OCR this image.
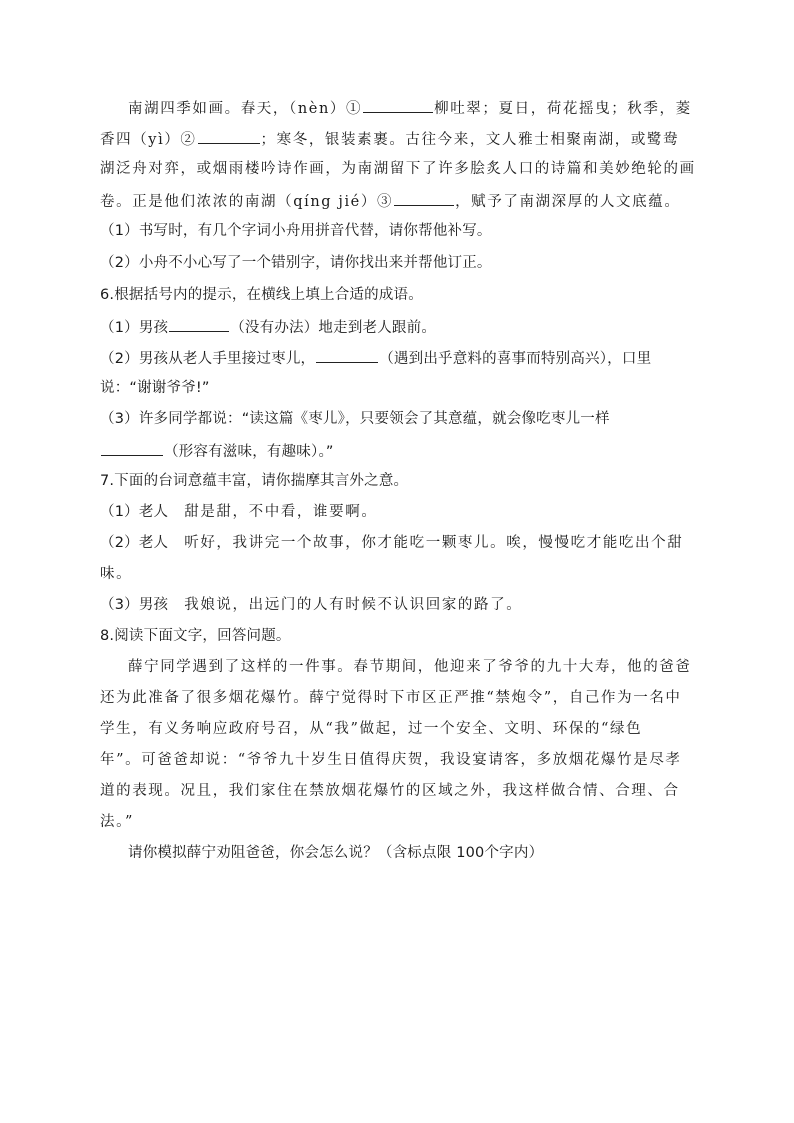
南湖四季如画。春天，（nèn）①	柳吐翠；夏日，荷花摇曳；秋季，菱
香四（yì）②	；寒冬，银装素裹。古往今来，文人雅士相聚南湖，或鹭鸯
湖泛舟对弈，或烟雨楼吟诗作画，为南湖留下了许多脍炙人口的诗篇和美妙绝轮的画
卷。正是他们浓浓的南湖（qíng jié）③	，赋予了南湖深厚的人文底蕴。
（1）书写时，有几个字词小舟用拼音代替，请你帮他补写。
（2）小舟不小心写了一个错别字，请你找出来并帮他订正。
6.根据括号内的提示，在横线上填上合适的成语。
（1）男孩	（没有办法）地走到老人跟前。
（2）男孩从老人手里接过枣儿，	（遇到出乎意料的喜事而特别高兴），口里
说：“谢谢爷爷!”
（3）许多同学都说：“读这篇《枣儿》，只要领会了其意蕴，就会像吃枣儿一样
（形容有滋味，有趣味）。”
7.下面的台词意蕴丰富，请你揣摩其言外之意。
（1）老人 甜是甜，不中看，谁要啊。
（2）老人 听好，我讲完一个故事，你才能吃一颗枣儿。唉，慢慢吃才能吃出个甜
味。
（3）男孩 我娘说，出远门的人有时候不认识回家的路了。
8.阅读下面文字，回答问题。
薛宁同学遇到了这样的一件事。春节期间，他迎来了爷爷的九十大寿，他的爸爸
还为此准备了很多烟花爆竹。薛宁觉得时下市区正严推“禁炮令”，自己作为一名中
学生，有义务响应政府号召，从“我”做起，过一个安全、文明、环保的“绿色
年”。可爸爸却说：“爷爷九十岁生日值得庆贺，我设宴请客，多放烟花爆竹是尽孝
道的表现。况且，我们家住在禁放烟花爆竹的区域之外，我这样做合情、合理、合
法。”
请你模拟薛宁劝阻爸爸，你会怎么说？（含标点限 100个字内）
